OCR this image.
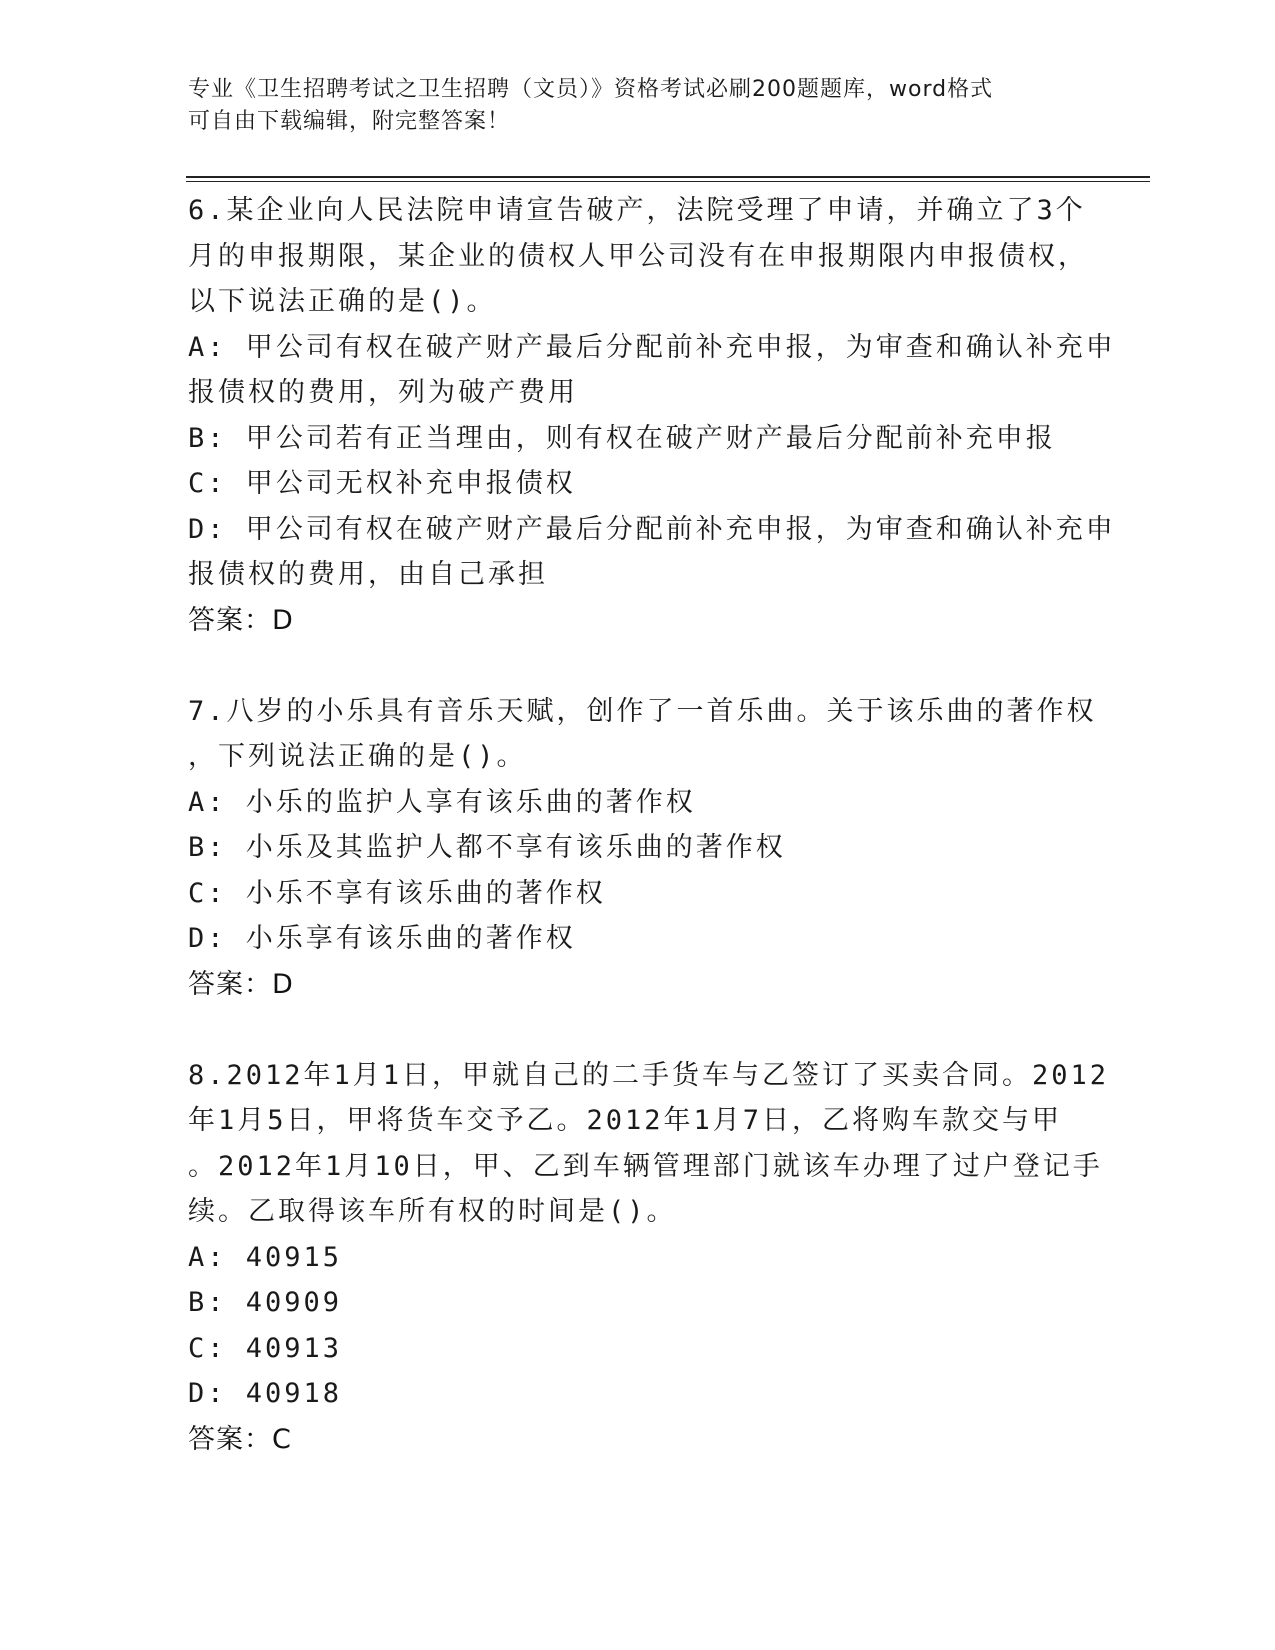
专业《卫生招聘考试之卫生招聘（文员）》资格考试必刷200题题库，word格式
可自由下载编辑，附完整答案！
6.某企业向人民法院申请宣告破产，法院受理了申请，并确立了3个
月的申报期限，某企业的债权人甲公司没有在申报期限内申报债权，
以下说法正确的是()。
A: 甲公司有权在破产财产最后分配前补充申报，为审查和确认补充申
报债权的费用，列为破产费用
B: 甲公司若有正当理由，则有权在破产财产最后分配前补充申报
C: 甲公司无权补充申报债权
D: 甲公司有权在破产财产最后分配前补充申报，为审查和确认补充申
报债权的费用，由自己承担
答案：D
7.八岁的小乐具有音乐天赋，创作了一首乐曲。关于该乐曲的著作权
，下列说法正确的是()。
A: 小乐的监护人享有该乐曲的著作权
B: 小乐及其监护人都不享有该乐曲的著作权
C: 小乐不享有该乐曲的著作权
D: 小乐享有该乐曲的著作权
答案：D
8.2012年1月1日，甲就自己的二手货车与乙签订了买卖合同。2012
年1月5日，甲将货车交予乙。2012年1月7日，乙将购车款交与甲
。2012年1月10日，甲、乙到车辆管理部门就该车办理了过户登记手
续。乙取得该车所有权的时间是()。
A: 40915
B: 40909
C: 40913
D: 40918
答案：C
